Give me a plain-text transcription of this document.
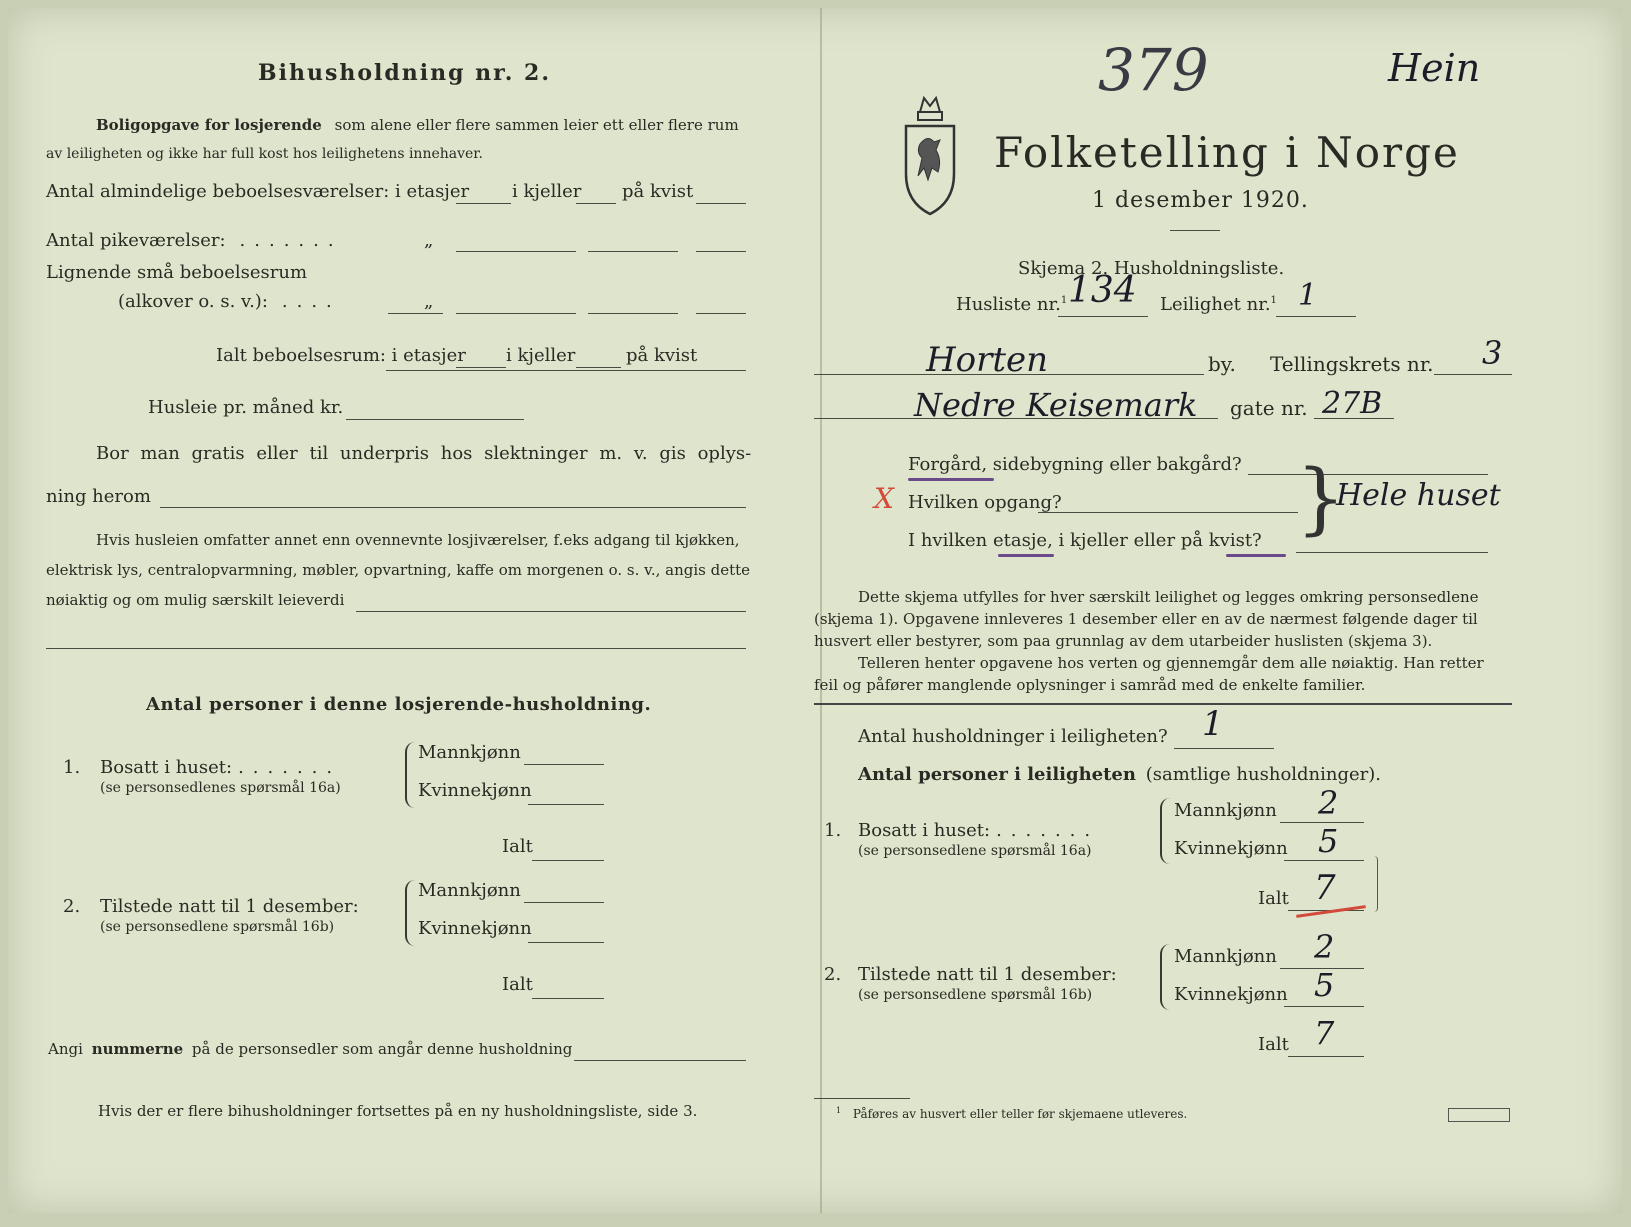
Bihusholdning nr. 2.
Boligopgave for losjerende som alene eller flere sammen leier ett eller flere rum
av leiligheten og ikke har full kost hos leilighetens innehaver.
Antal almindelige beboelsesværelser: i etasjer i kjeller på kvist
Antal pikeværelser: .......	„
Lignende små beboelsesrum
(alkover o. s. v.): ....	„
Ialt beboelsesrum: i etasjer i kjeller	på kvist
Husleie pr. måned kr.
Bor man gratis eller til underpris hos slektninger m. v. gis oplys-
ning herom
Hvis husleien omfatter annet enn ovennevnte losjiværelser, f.eks adgang til kjøkken,
elektrisk lys, centralopvarmning, møbler, opvartning, kaffe om morgenen o. s. v., angis dette
nøiaktig og om mulig særskilt leieverdi
Antal personer i denne losjerende-husholdning.
1. Bosatt i huset: .......
(se personsedlenes spørsmål 16a)
Mannkjønn
Kvinnekjønn
Ialt
2. Tilstede natt til 1 desember:
(se personsedlene spørsmål 16b)
Mannkjønn
Kvinnekjønn
Ialt
Angi nummerne på de personsedler som angår denne husholdning
Hvis der er flere bihusholdninger fortsettes på en ny husholdningsliste, side 3.
379	Hein
Folketelling i Norge
1 desember 1920.
Skjema 2. Husholdningsliste.
Husliste nr.$^1$ 134 Leilighet nr.$^1$ 1
Horten	by. Tellingskrets nr. 3
Nedre Keisemark gate nr. 27B
Forgård, sidebygning eller bakgård?
X Hvilken opgang?	}
Hele huset
I hvilken etasje, i kjeller eller på kvist?
Dette skjema utfylles for hver særskilt leilighet og legges omkring personsedlene
(skjema 1). Opgavene innleveres 1 desember eller en av de nærmest følgende dager til
husvert eller bestyrer, som paa grunnlag av dem utarbeider huslisten (skjema 3).
Telleren henter opgavene hos verten og gjennemgår dem alle nøiaktig. Han retter
feil og påfører manglende oplysninger i samråd med de enkelte familier.
Antal husholdninger i leiligheten? 1
Antal personer i leiligheten (samtlige husholdninger).
1. Bosatt i huset: .......
(se personsedlene spørsmål 16a)
Mannkjønn 2
Kvinnekjønn 5
Ialt 7
2. Tilstede natt til 1 desember:
(se personsedlene spørsmål 16b)
Mannkjønn 2
Kvinnekjønn 5
Ialt 7
$^1$ Påføres av husvert eller teller før skjemaene utleveres.
